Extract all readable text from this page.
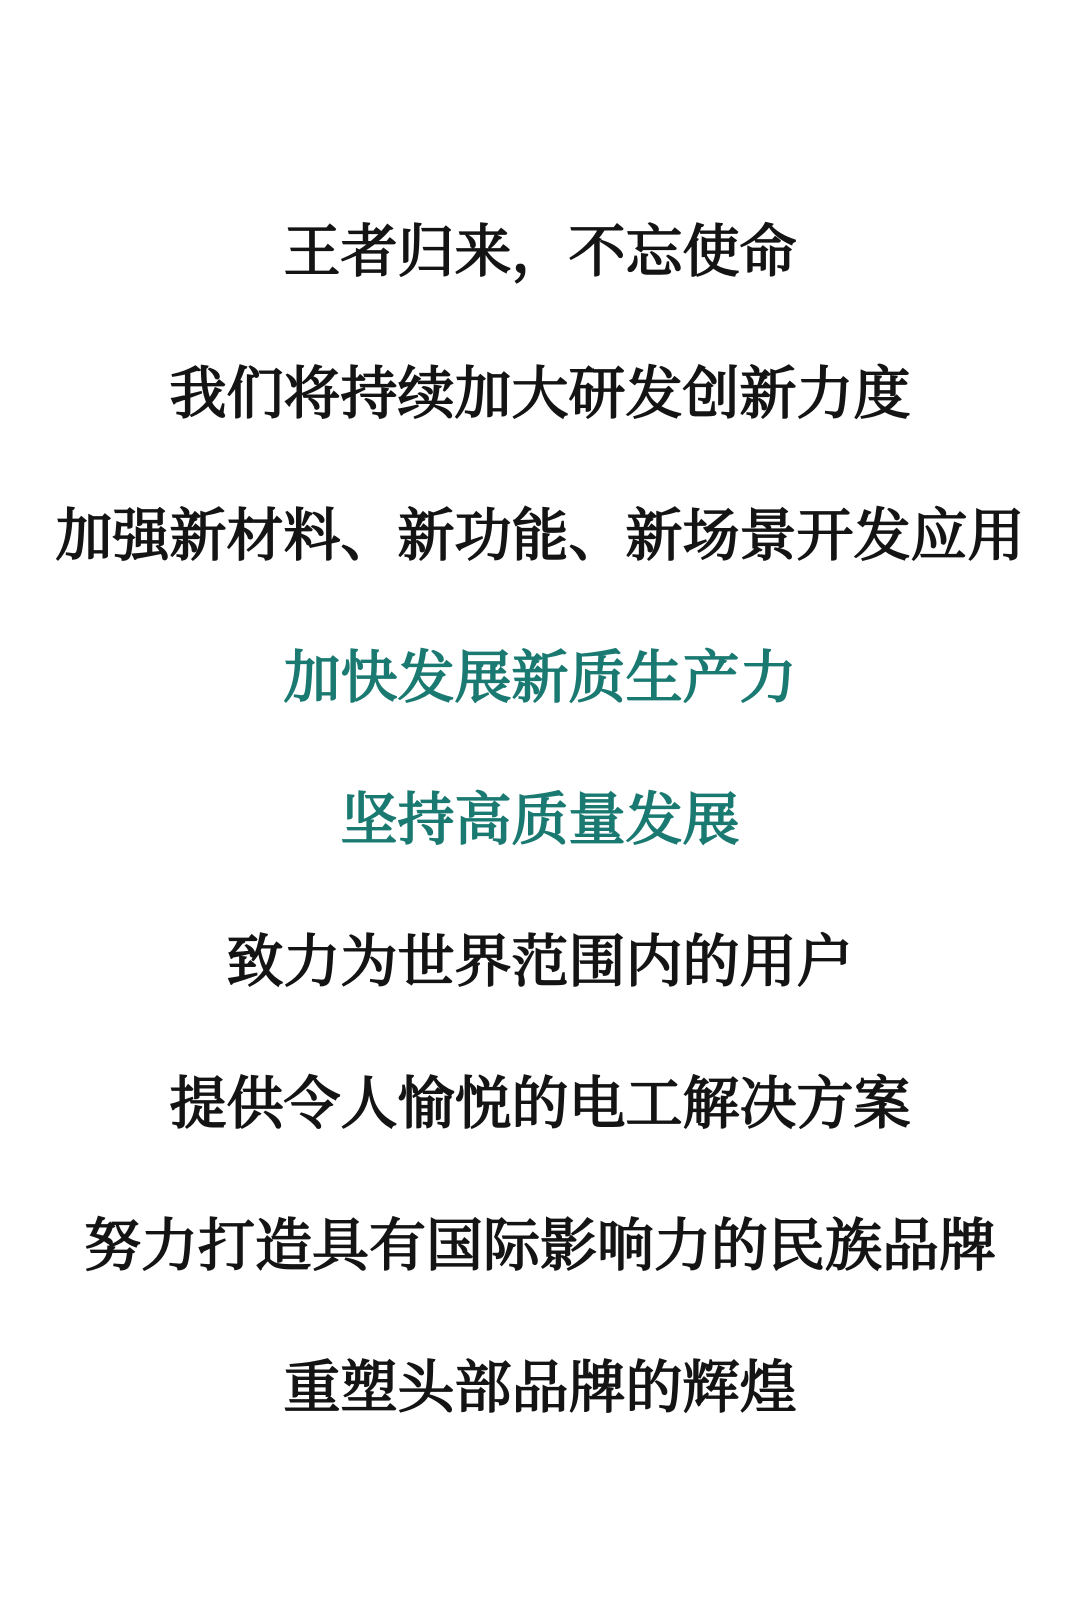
王者归来，不忘使命

我们将持续加大研发创新力度

加强新材料、新功能、新场景开发应用

加快发展新质生产力

坚持高质量发展

致力为世界范围内的用户

提供令人愉悦的电工解决方案

努力打造具有国际影响力的民族品牌

重塑头部品牌的辉煌
